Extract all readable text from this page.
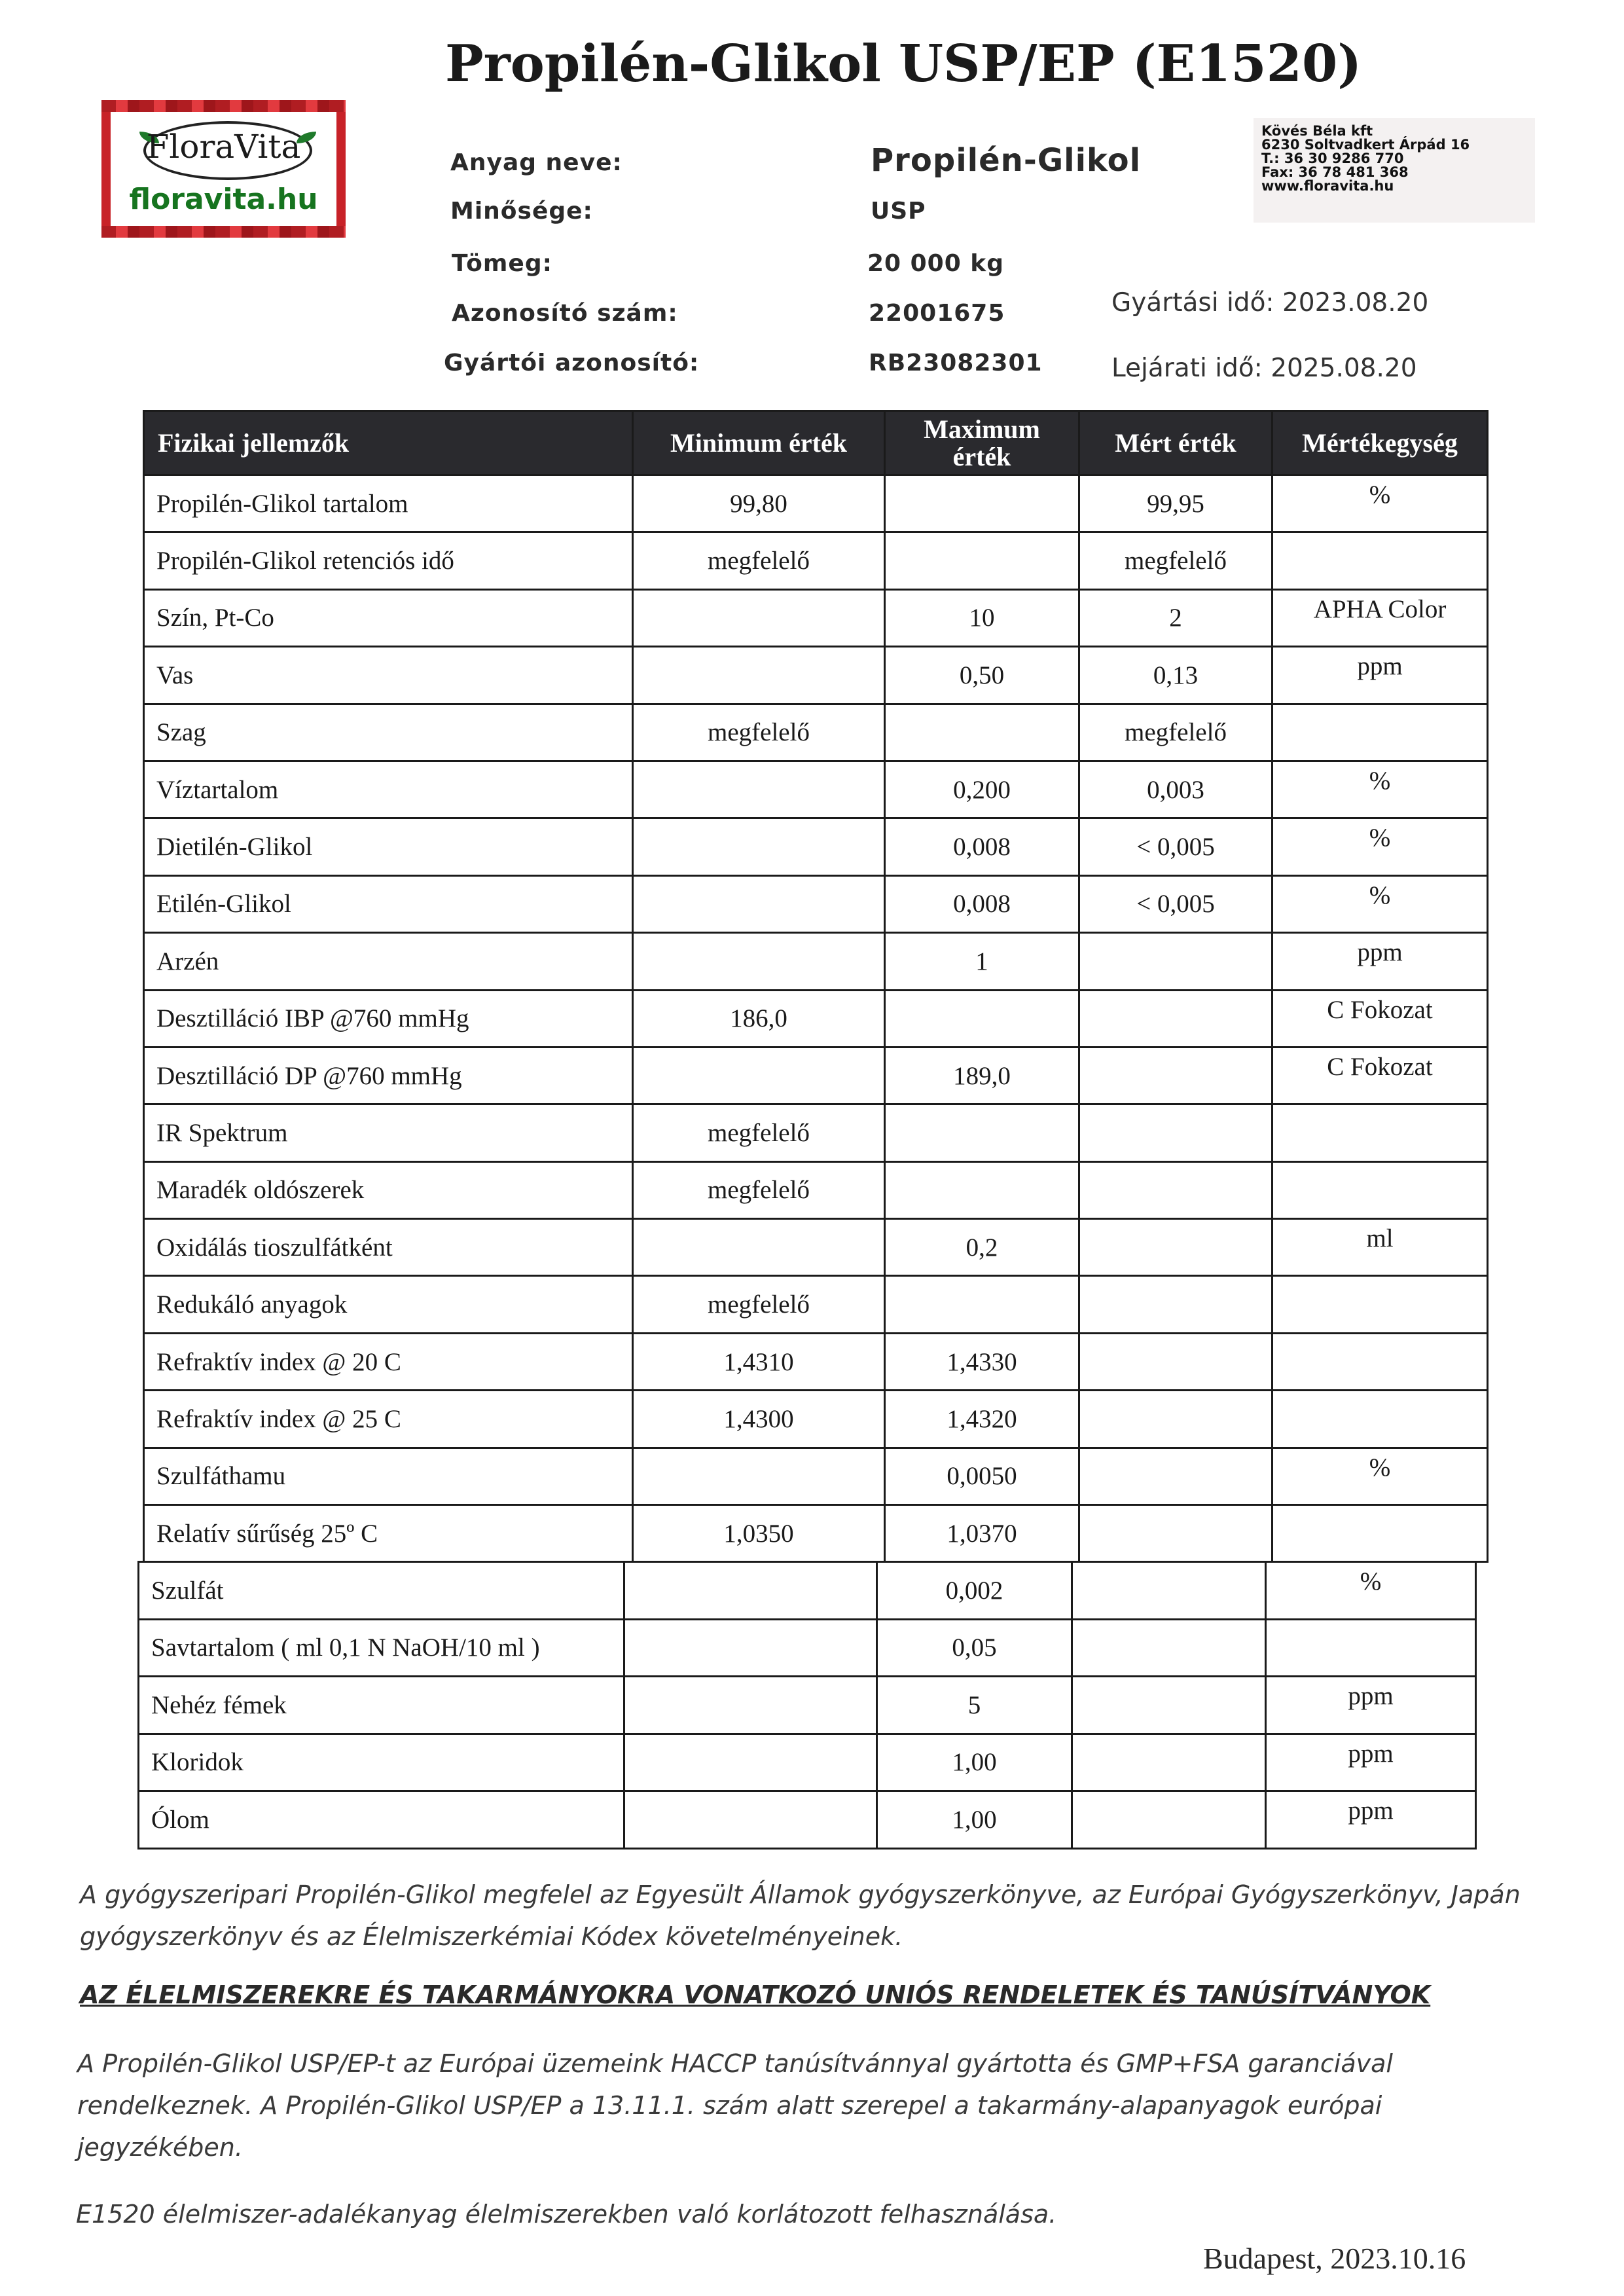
Propilén-Glikol USP/EP (E1520)
FloraVita
floravita.hu
Anyag neve:	Propilén-Glikol
Minősége:	USP
Tömeg:	20 000 kg
Azonosító szám:	22001675
Gyártói azonosító:	RB23082301
Gyártási idő: 2023.08.20
Lejárati idő: 2025.08.20
Kövés Béla kft
6230 Soltvadkert Árpád 16
T.: 36 30 9286 770
Fax: 36 78 481 368
www.floravita.hu
Fizikai jellemzők	Minimum érték	Maximum érték	Mért érték	Mértékegység
Propilén-Glikol tartalom	99,80		99,95	%
Propilén-Glikol retenciós idő	megfelelő		megfelelő	
Szín, Pt-Co		10	2	APHA Color
Vas		0,50	0,13	ppm
Szag	megfelelő		megfelelő	
Víztartalom		0,200	0,003	%
Dietilén-Glikol		0,008	< 0,005	%
Etilén-Glikol		0,008	< 0,005	%
Arzén		1		ppm
Desztilláció IBP @760 mmHg	186,0			C Fokozat
Desztilláció DP @760 mmHg		189,0		C Fokozat
IR Spektrum	megfelelő			
Maradék oldószerek	megfelelő			
Oxidálás tioszulfátként		0,2		ml
Redukáló anyagok	megfelelő			
Refraktív index @ 20 C	1,4310	1,4330		
Refraktív index @ 25 C	1,4300	1,4320		
Szulfáthamu		0,0050		%
Relatív sűrűség 25º C	1,0350	1,0370		
Szulfát		0,002		%
Savtartalom ( ml 0,1 N NaOH/10 ml )		0,05		
Nehéz fémek		5		ppm
Kloridok		1,00		ppm
Ólom		1,00		ppm
A gyógyszeripari Propilén-Glikol megfelel az Egyesült Államok gyógyszerkönyve, az Európai Gyógyszerkönyv, Japán
gyógyszerkönyv és az Élelmiszerkémiai Kódex követelményeinek.
AZ ÉLELMISZEREKRE ÉS TAKARMÁNYOKRA VONATKOZÓ UNIÓS RENDELETEK ÉS TANÚSÍTVÁNYOK
A Propilén-Glikol USP/EP-t az Európai üzemeink HACCP tanúsítvánnyal gyártotta és GMP+FSA garanciával
rendelkeznek. A Propilén-Glikol USP/EP a 13.11.1. szám alatt szerepel a takarmány-alapanyagok európai
jegyzékében.
E1520 élelmiszer-adalékanyag élelmiszerekben való korlátozott felhasználása.
Budapest, 2023.10.16
